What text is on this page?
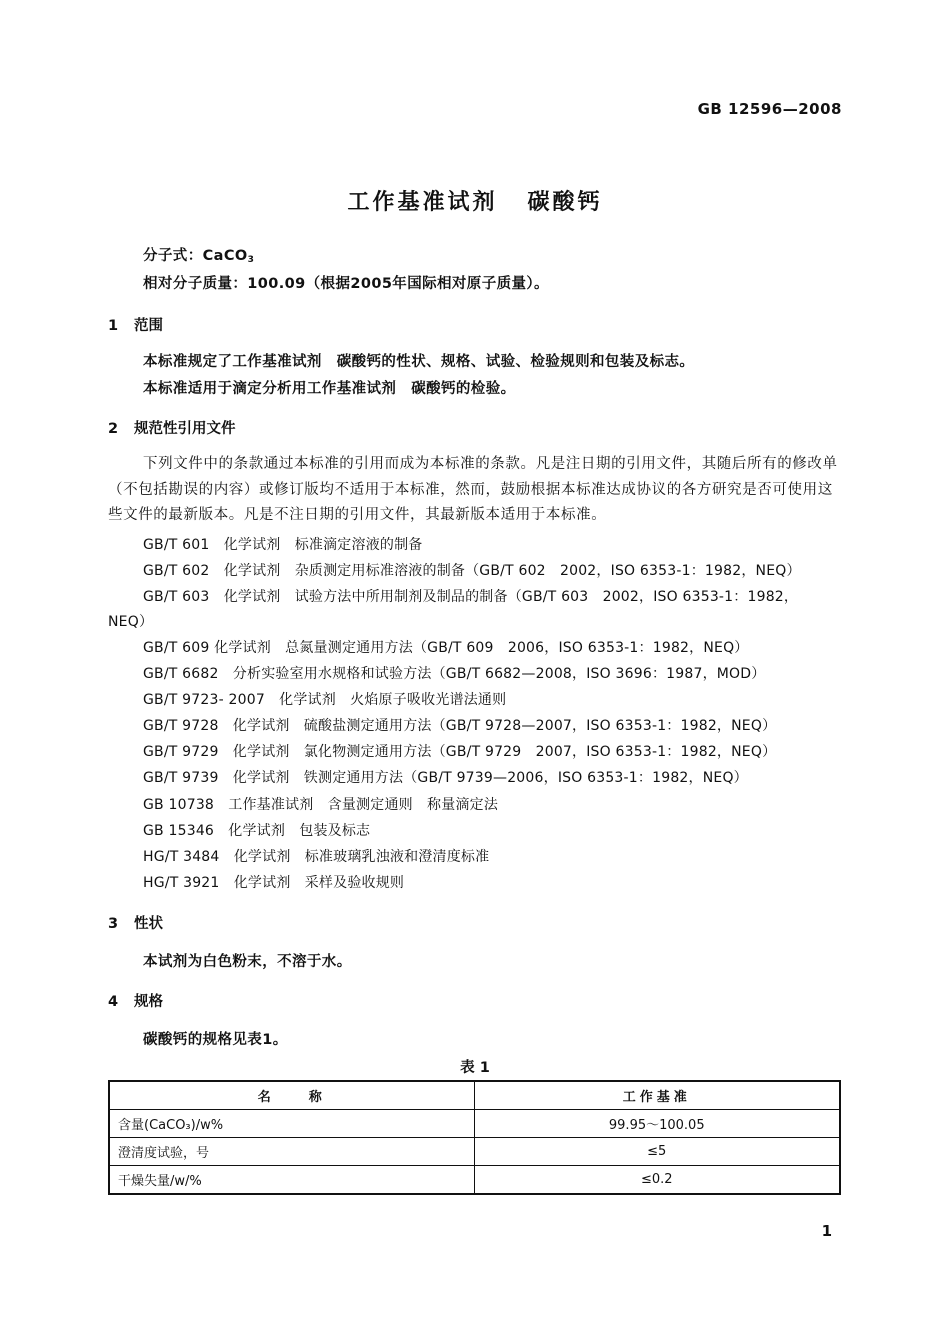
GB 12596—2008
工作基准试剂 碳酸钙
分子式：CaCO$_3$
相对分子质量：100.09（根据2005年国际相对原子质量）。
1 范围
本标准规定了工作基准试剂　碳酸钙的性状、规格、试验、检验规则和包装及标志。
本标准适用于滴定分析用工作基准试剂　碳酸钙的检验。
2 规范性引用文件
下列文件中的条款通过本标准的引用而成为本标准的条款。凡是注日期的引用文件，其随后所有的修改单（不包括勘误的内容）或修订版均不适用于本标准，然而，鼓励根据本标准达成协议的各方研究是否可使用这些文件的最新版本。凡是不注日期的引用文件，其最新版本适用于本标准。
GB/T 601　化学试剂　标准滴定溶液的制备
GB/T 602　化学试剂　杂质测定用标准溶液的制备（GB/T 602　2002，ISO 6353-1：1982，NEQ）
GB/T 603　化学试剂　试验方法中所用制剂及制品的制备（GB/T 603　2002，ISO 6353-1：1982，
NEQ）
GB/T 609 化学试剂　总氮量测定通用方法（GB/T 609　2006，ISO 6353-1：1982，NEQ）
GB/T 6682　分析实验室用水规格和试验方法（GB/T 6682—2008，ISO 3696：1987，MOD）
GB/T 9723- 2007　化学试剂　火焰原子吸收光谱法通则
GB/T 9728　化学试剂　硫酸盐测定通用方法（GB/T 9728—2007，ISO 6353-1：1982，NEQ）
GB/T 9729　化学试剂　氯化物测定通用方法（GB/T 9729　2007，ISO 6353-1：1982，NEQ）
GB/T 9739　化学试剂　铁测定通用方法（GB/T 9739—2006，ISO 6353-1：1982，NEQ）
GB 10738　工作基准试剂　含量测定通则　称量滴定法
GB 15346　化学试剂　包装及标志
HG/T 3484　化学试剂　标准玻璃乳浊液和澄清度标准
HG/T 3921　化学试剂　采样及验收规则
3 性状
本试剂为白色粉末，不溶于水。
4 规格
碳酸钙的规格见表1。
表 1
名　　称	工作基准
含量(CaCO₃)/w%	99.95～100.05
澄清度试验，号	≤5
干燥失量/w/%	≤0.2
1
